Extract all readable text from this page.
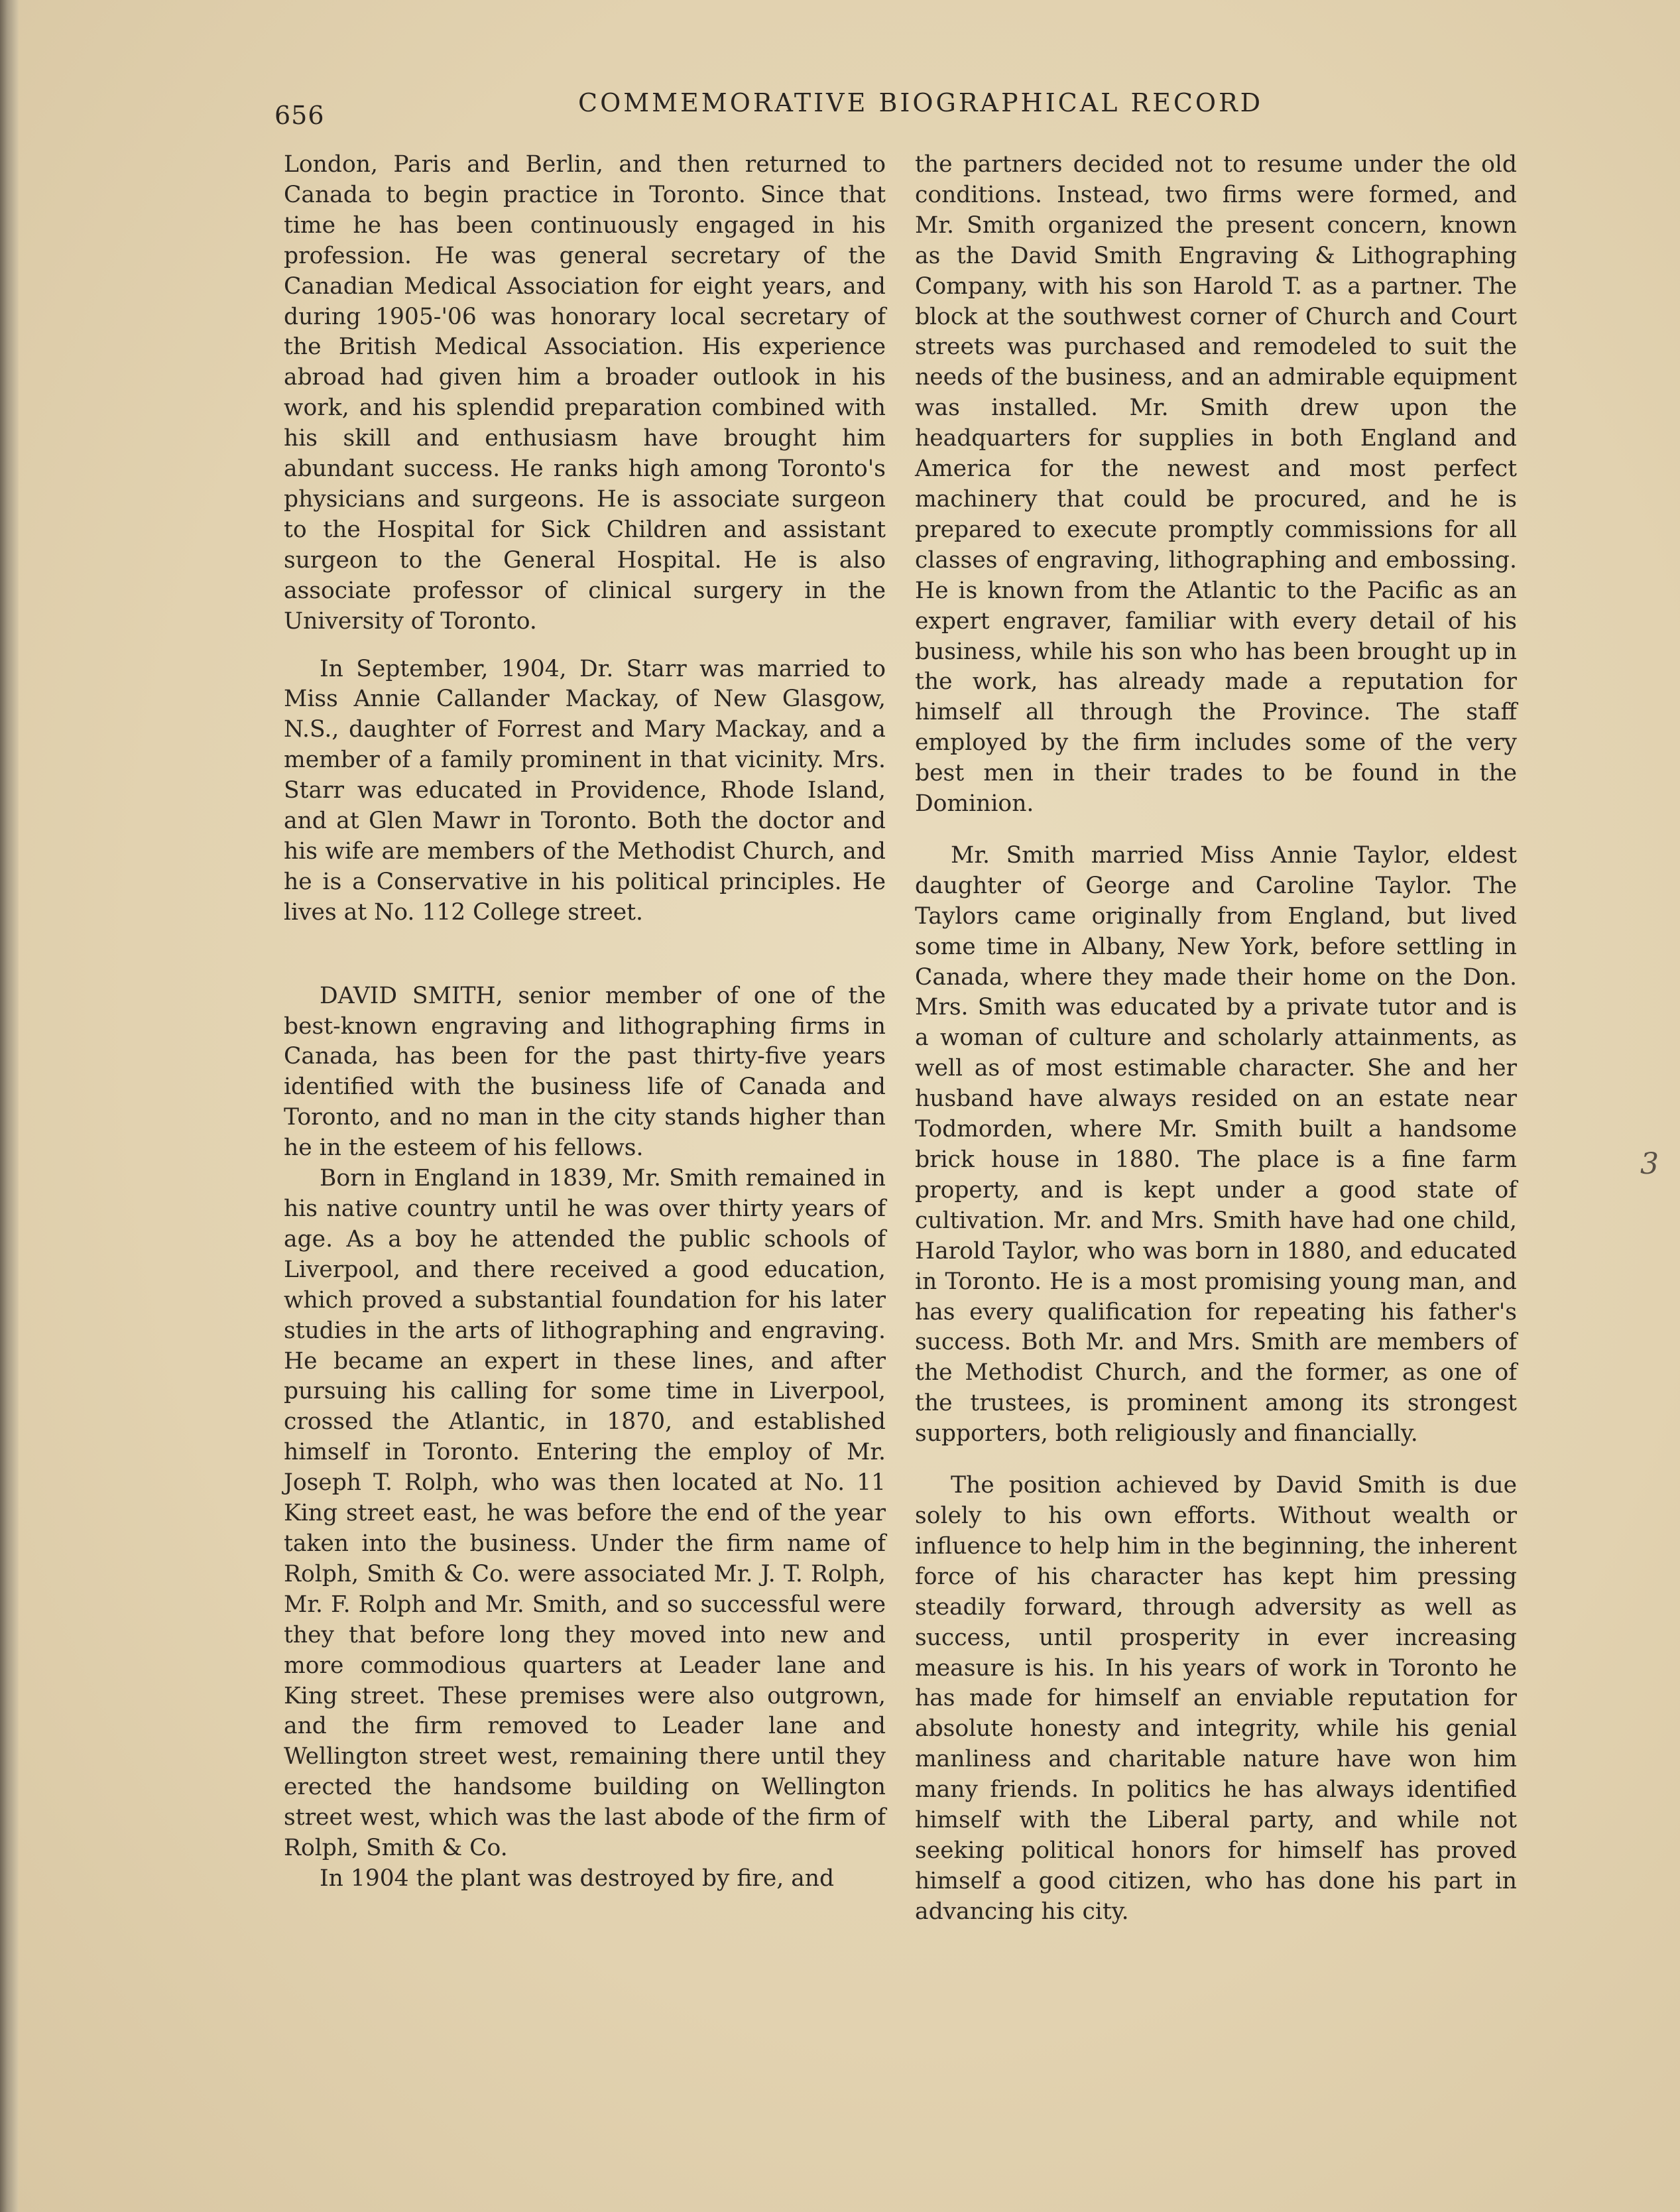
656	COMMEMORATIVE BIOGRAPHICAL RECORD

London, Paris and Berlin, and then returned to Canada to begin practice in Toronto. Since that time he has been continuously engaged in his profession. He was general secretary of the Canadian Medical Association for eight years, and during 1905-'06 was honorary local secretary of the British Medical Association. His experience abroad had given him a broader outlook in his work, and his splendid preparation combined with his skill and enthusiasm have brought him abundant success. He ranks high among Toronto's physicians and surgeons. He is associate surgeon to the Hospital for Sick Children and assistant surgeon to the General Hospital. He is also associate professor of clinical surgery in the University of Toronto.

In September, 1904, Dr. Starr was married to Miss Annie Callander Mackay, of New Glasgow, N.S., daughter of Forrest and Mary Mackay, and a member of a family prominent in that vicinity. Mrs. Starr was educated in Providence, Rhode Island, and at Glen Mawr in Toronto. Both the doctor and his wife are members of the Methodist Church, and he is a Conservative in his political principles. He lives at No. 112 College street.

DAVID SMITH, senior member of one of the best-known engraving and lithographing firms in Canada, has been for the past thirty-five years identified with the business life of Canada and Toronto, and no man in the city stands higher than he in the esteem of his fellows.

Born in England in 1839, Mr. Smith remained in his native country until he was over thirty years of age. As a boy he attended the public schools of Liverpool, and there received a good education, which proved a substantial foundation for his later studies in the arts of lithographing and engraving. He became an expert in these lines, and after pursuing his calling for some time in Liverpool, crossed the Atlantic, in 1870, and established himself in Toronto. Entering the employ of Mr. Joseph T. Rolph, who was then located at No. 11 King street east, he was before the end of the year taken into the business. Under the firm name of Rolph, Smith & Co. were associated Mr. J. T. Rolph, Mr. F. Rolph and Mr. Smith, and so successful were they that before long they moved into new and more commodious quarters at Leader lane and King street. These premises were also outgrown, and the firm removed to Leader lane and Wellington street west, remaining there until they erected the handsome building on Wellington street west, which was the last abode of the firm of Rolph, Smith & Co.

In 1904 the plant was destroyed by fire, and

the partners decided not to resume under the old conditions. Instead, two firms were formed, and Mr. Smith organized the present concern, known as the David Smith Engraving & Lithographing Company, with his son Harold T. as a partner. The block at the southwest corner of Church and Court streets was purchased and remodeled to suit the needs of the business, and an admirable equipment was installed. Mr. Smith drew upon the headquarters for supplies in both England and America for the newest and most perfect machinery that could be procured, and he is prepared to execute promptly commissions for all classes of engraving, lithographing and embossing. He is known from the Atlantic to the Pacific as an expert engraver, familiar with every detail of his business, while his son who has been brought up in the work, has already made a reputation for himself all through the Province. The staff employed by the firm includes some of the very best men in their trades to be found in the Dominion.

Mr. Smith married Miss Annie Taylor, eldest daughter of George and Caroline Taylor. The Taylors came originally from England, but lived some time in Albany, New York, before settling in Canada, where they made their home on the Don. Mrs. Smith was educated by a private tutor and is a woman of culture and scholarly attainments, as well as of most estimable character. She and her husband have always resided on an estate near Todmorden, where Mr. Smith built a handsome brick house in 1880. The place is a fine farm property, and is kept under a good state of cultivation. Mr. and Mrs. Smith have had one child, Harold Taylor, who was born in 1880, and educated in Toronto. He is a most promising young man, and has every qualification for repeating his father's success. Both Mr. and Mrs. Smith are members of the Methodist Church, and the former, as one of the trustees, is prominent among its strongest supporters, both religiously and financially.

The position achieved by David Smith is due solely to his own efforts. Without wealth or influence to help him in the beginning, the inherent force of his character has kept him pressing steadily forward, through adversity as well as success, until prosperity in ever increasing measure is his. In his years of work in Toronto he has made for himself an enviable reputation for absolute honesty and integrity, while his genial manliness and charitable nature have won him many friends. In politics he has always identified himself with the Liberal party, and while not seeking political honors for himself has proved himself a good citizen, who has done his part in advancing his city.

3
